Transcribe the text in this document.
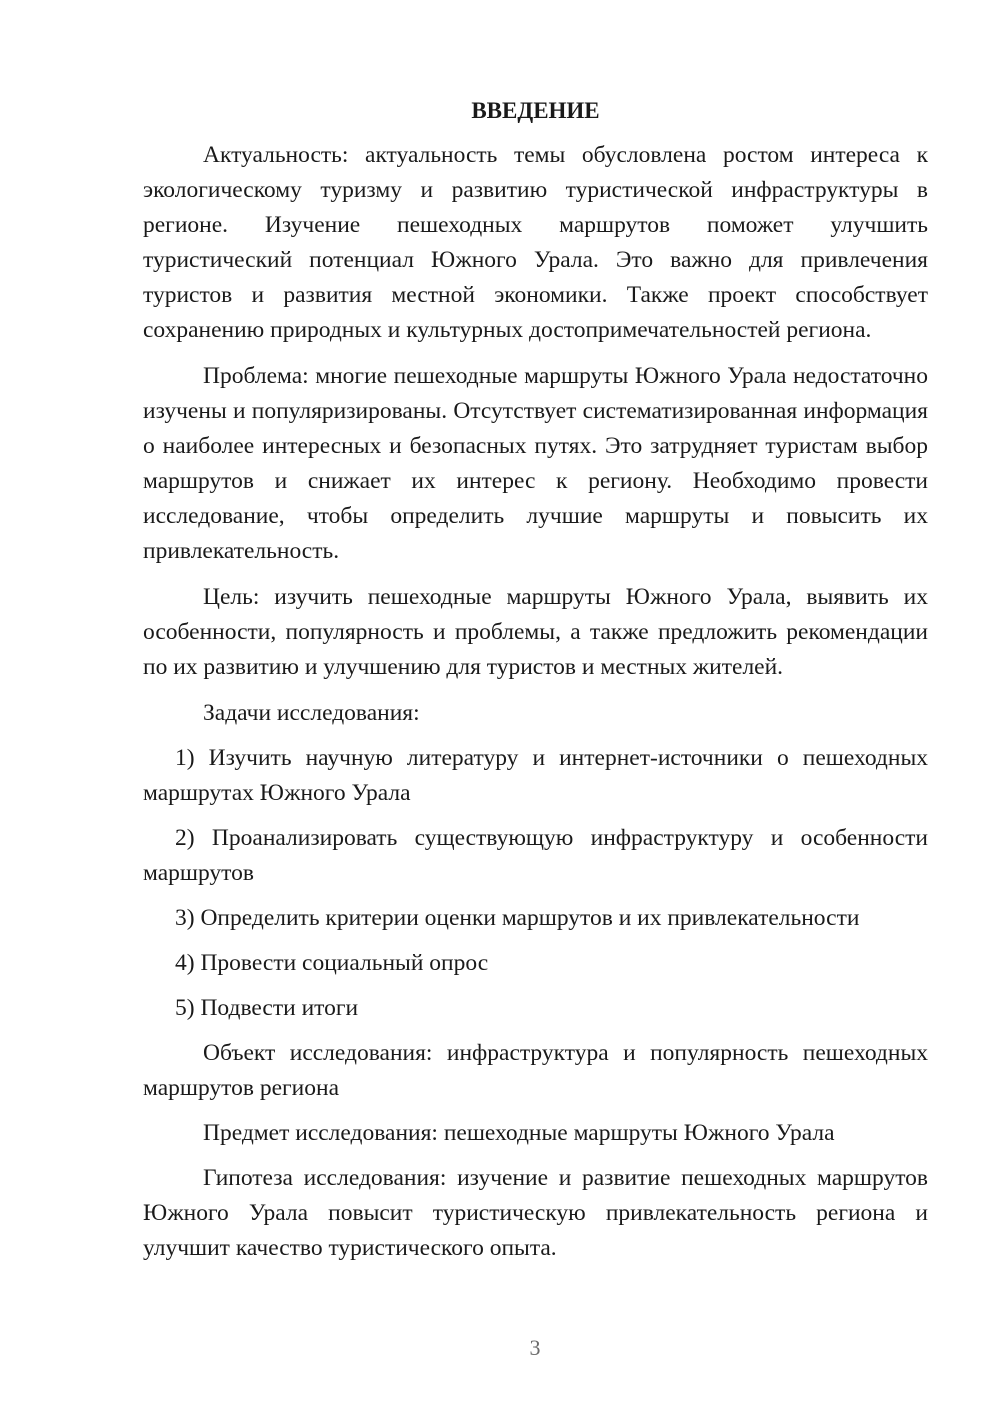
ВВЕДЕНИЕ

Актуальность: актуальность темы обусловлена ростом интереса к экологическому туризму и развитию туристической инфраструктуры в регионе. Изучение пешеходных маршрутов поможет улучшить туристический потенциал Южного Урала. Это важно для привлечения туристов и развития местной экономики. Также проект способствует сохранению природных и культурных достопримечательностей региона.

Проблема: многие пешеходные маршруты Южного Урала недостаточно изучены и популяризированы. Отсутствует систематизированная информация о наиболее интересных и безопасных путях. Это затрудняет туристам выбор маршрутов и снижает их интерес к региону. Необходимо провести исследование, чтобы определить лучшие маршруты и повысить их привлекательность.

Цель: изучить пешеходные маршруты Южного Урала, выявить их особенности, популярность и проблемы, а также предложить рекомендации по их развитию и улучшению для туристов и местных жителей.

Задачи исследования:

1) Изучить научную литературу и интернет-источники о пешеходных маршрутах Южного Урала

2) Проанализировать существующую инфраструктуру и особенности маршрутов

3) Определить критерии оценки маршрутов и их привлекательности

4) Провести социальный опрос

5) Подвести итоги

Объект исследования: инфраструктура и популярность пешеходных маршрутов региона

Предмет исследования: пешеходные маршруты Южного Урала

Гипотеза исследования: изучение и развитие пешеходных маршрутов Южного Урала повысит туристическую привлекательность региона и улучшит качество туристического опыта.

3
